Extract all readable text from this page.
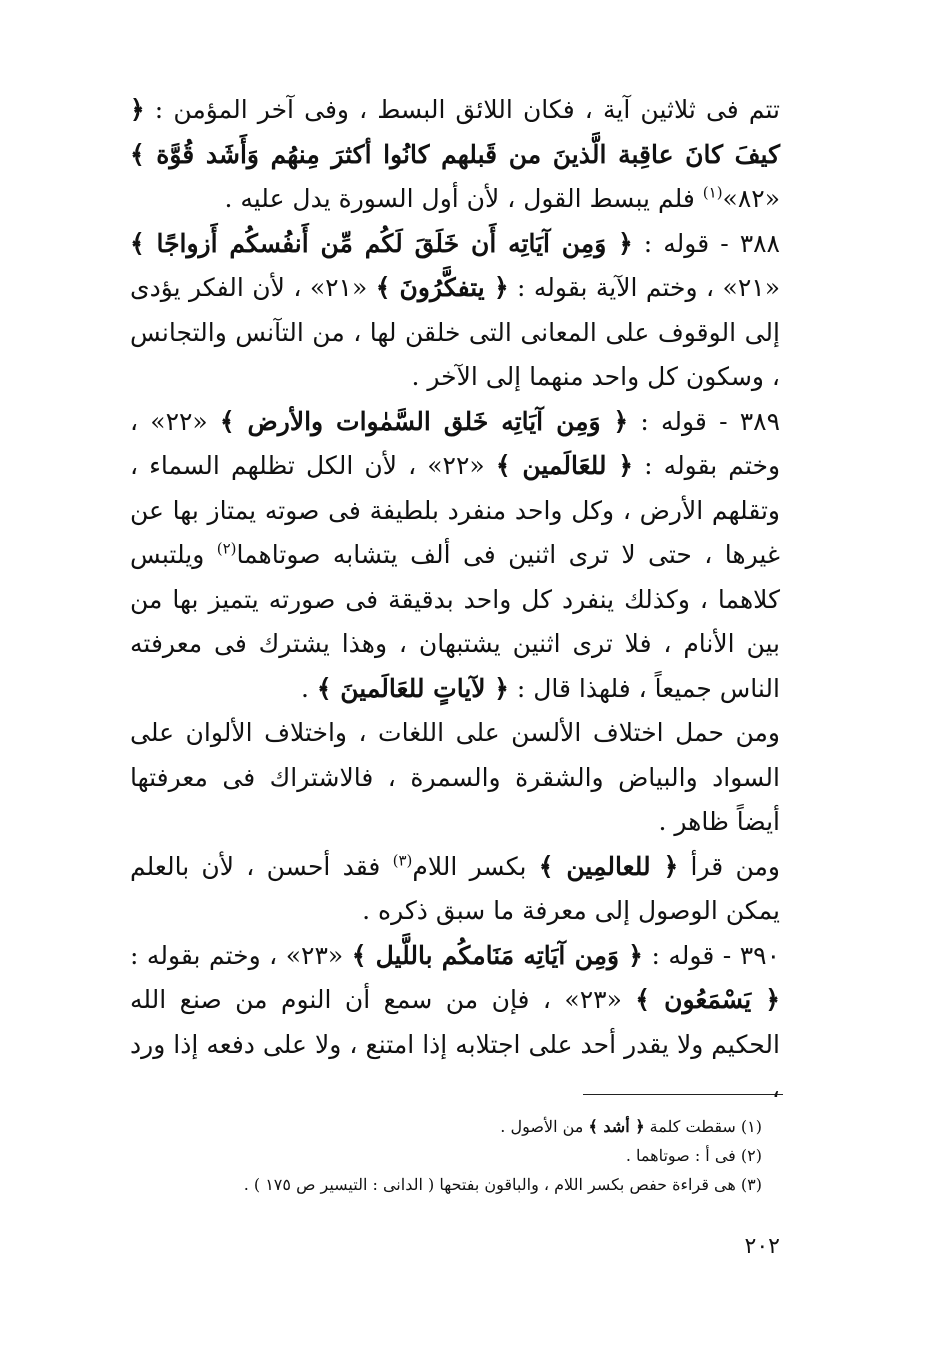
تتم فى ثلاثين آية ، فكان اللائق البسط ، وفى آخر المؤمن : ﴿ كيفَ كانَ عاقِبة الَّذينَ من قَبلهم كانُوا أكثرَ مِنهُم وَأَشَد قُوَّة ﴾ «٨٢»$^{(١)}$ فلم يبسط القول ، لأن أول السورة يدل عليه .

٣٨٨ - قوله : ﴿ وَمِن آيَاتِه أَن خَلَقَ لَكُم مِّن أَنفُسكُم أَزواجًا ﴾ «٢١» ، وختم الآية بقوله : ﴿ يتفكَّرُونَ ﴾ «٢١» ، لأن الفكر يؤدى إلى الوقوف على المعانى التى خلقن لها ، من التآنس والتجانس ، وسكون كل واحد منهما إلى الآخر .

٣٨٩ - قوله : ﴿ وَمِن آيَاتِه خَلق السَّمٰوات والأرض ﴾ «٢٢» ، وختم بقوله : ﴿ للعَالَمين ﴾ «٢٢» ، لأن الكل تظلهم السماء ، وتقلهم الأرض ، وكل واحد منفرد بلطيفة فى صوته يمتاز بها عن غيرها ، حتى لا ترى اثنين فى ألف يتشابه صوتاهما$^{(٢)}$ ويلتبس كلاهما ، وكذلك ينفرد كل واحد بدقيقة فى صورته يتميز بها من بين الأنام ، فلا ترى اثنين يشتبهان ، وهذا يشترك فى معرفته الناس جميعاً ، فلهذا قال : ﴿ لآياتٍ للعَالَمينَ ﴾ .

ومن حمل اختلاف الألسن على اللغات ، واختلاف الألوان على السواد والبياض والشقرة والسمرة ، فالاشتراك فى معرفتها أيضاً ظاهر .

ومن قرأ ﴿ للعالمِين ﴾ بكسر اللام$^{(٣)}$ فقد أحسن ، لأن بالعلم يمكن الوصول إلى معرفة ما سبق ذكره .

٣٩٠ - قوله : ﴿ وَمِن آيَاتِه مَنَامكُم باللَّيل ﴾ «٢٣» ، وختم بقوله : ﴿ يَسْمَعُون ﴾ «٢٣» ، فإن من سمع أن النوم من صنع الله الحكيم ولا يقدر أحد على اجتلابه إذا امتنع ، ولا على دفعه إذا ورد ،

(١) سقطت كلمة ﴿ أشد ﴾ من الأصول .

(٢) فى أ : صوتاهما .

(٣) هى قراءة حفص بكسر اللام ، والباقون بفتحها ( الدانى : التيسير ص ١٧٥ ) .

٢٠٢
